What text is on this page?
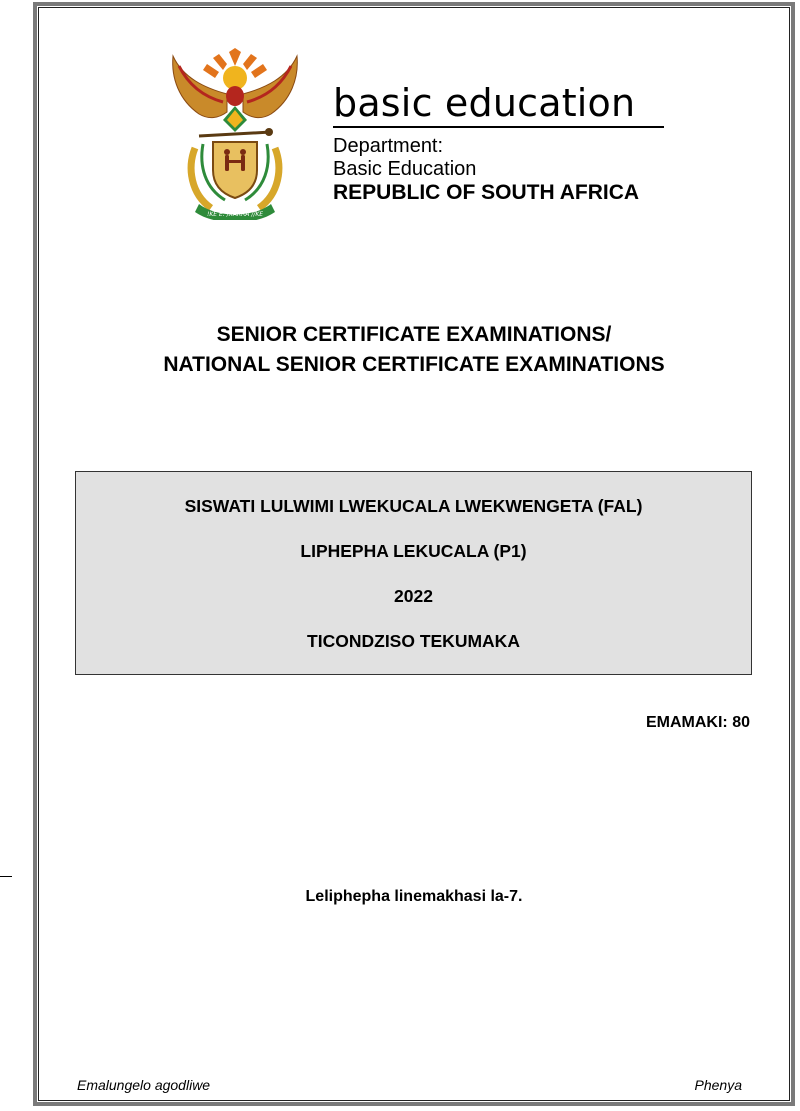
!KE E: /XARRA //KE
basic education
Department:
Basic Education
REPUBLIC OF SOUTH AFRICA
SENIOR CERTIFICATE EXAMINATIONS/
NATIONAL SENIOR CERTIFICATE EXAMINATIONS
SISWATI LULWIMI LWEKUCALA LWEKWENGETA (FAL)
LIPHEPHA LEKUCALA (P1)
2022
TICONDZISO TEKUMAKA
EMAMAKI: 80
Leliphepha linemakhasi la-7.
Emalungelo agodliwe	Phenya
